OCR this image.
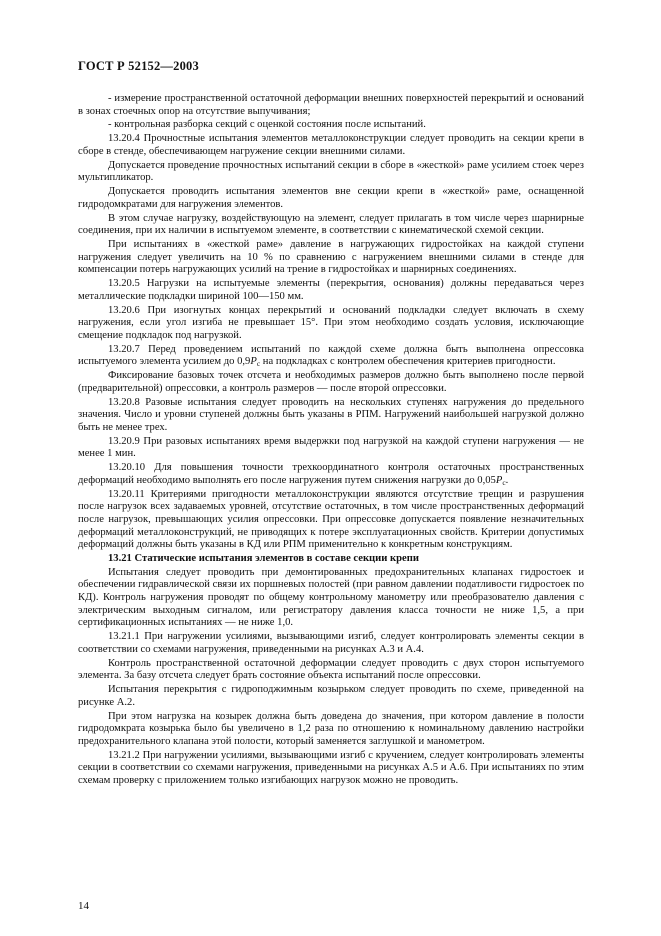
ГОСТ Р 52152—2003

- измерение пространственной остаточной деформации внешних поверхностей перекрытий и оснований в зонах стоечных опор на отсутствие выпучивания;

- контрольная разборка секций с оценкой состояния после испытаний.

13.20.4 Прочностные испытания элементов металлоконструкции следует проводить на секции крепи в сборе в стенде, обеспечивающем нагружение секции внешними силами.

Допускается проведение прочностных испытаний секции в сборе в «жесткой» раме усилием стоек через мультипликатор.

Допускается проводить испытания элементов вне секции крепи в «жесткой» раме, оснащенной гидродомкратами для нагружения элементов.

В этом случае нагрузку, воздействующую на элемент, следует прилагать в том числе через шарнирные соединения, при их наличии в испытуемом элементе, в соответствии с кинематической схемой секции.

При испытаниях в «жесткой раме» давление в нагружающих гидростойках на каждой ступени нагружения следует увеличить на 10 % по сравнению с нагружением внешними силами в стенде для компенсации потерь нагружающих усилий на трение в гидростойках и шарнирных соединениях.

13.20.5 Нагрузки на испытуемые элементы (перекрытия, основания) должны передаваться через металлические подкладки шириной 100—150 мм.

13.20.6 При изогнутых концах перекрытий и оснований подкладки следует включать в схему нагружения, если угол изгиба не превышает 15°. При этом необходимо создать условия, исключающие смещение подкладок под нагрузкой.

13.20.7 Перед проведением испытаний по каждой схеме должна быть выполнена опрессовка испытуемого элемента усилием до $0,9P_c$ на подкладках с контролем обеспечения критериев пригодности.

Фиксирование базовых точек отсчета и необходимых размеров должно быть выполнено после первой (предварительной) опрессовки, а контроль размеров — после второй опрессовки.

13.20.8 Разовые испытания следует проводить на нескольких ступенях нагружения до предельного значения. Число и уровни ступеней должны быть указаны в РПМ. Нагружений наибольшей нагрузкой должно быть не менее трех.

13.20.9 При разовых испытаниях время выдержки под нагрузкой на каждой ступени нагружения — не менее 1 мин.

13.20.10 Для повышения точности трехкоординатного контроля остаточных пространственных деформаций необходимо выполнять его после нагружения путем снижения нагрузки до $0,05P_c$.

13.20.11 Критериями пригодности металлоконструкции являются отсутствие трещин и разрушения после нагрузок всех задаваемых уровней, отсутствие остаточных, в том числе пространственных деформаций после нагрузок, превышающих усилия опрессовки. При опрессовке допускается появление незначительных деформаций металлоконструкций, не приводящих к потере эксплуатационных свойств. Критерии допустимых деформаций должны быть указаны в КД или РПМ применительно к конкретным конструкциям.

13.21 Статические испытания элементов в составе секции крепи

Испытания следует проводить при демонтированных предохранительных клапанах гидростоек и обеспечении гидравлической связи их поршневых полостей (при равном давлении податливости гидростоек по КД). Контроль нагружения проводят по общему контрольному манометру или преобразователю давления с электрическим выходным сигналом, или регистратору давления класса точности не ниже 1,5, а при сертификационных испытаниях — не ниже 1,0.

13.21.1 При нагружении усилиями, вызывающими изгиб, следует контролировать элементы секции в соответствии со схемами нагружения, приведенными на рисунках А.3 и А.4.

Контроль пространственной остаточной деформации следует проводить с двух сторон испытуемого элемента. За базу отсчета следует брать состояние объекта испытаний после опрессовки.

Испытания перекрытия с гидроподжимным козырьком следует проводить по схеме, приведенной на рисунке А.2.

При этом нагрузка на козырек должна быть доведена до значения, при котором давление в полости гидродомкрата козырька было бы увеличено в 1,2 раза по отношению к номинальному давлению настройки предохранительного клапана этой полости, который заменяется заглушкой и манометром.

13.21.2 При нагружении усилиями, вызывающими изгиб с кручением, следует контролировать элементы секции в соответствии со схемами нагружения, приведенными на рисунках А.5 и А.6. При испытаниях по этим схемам проверку с приложением только изгибающих нагрузок можно не проводить.

14
